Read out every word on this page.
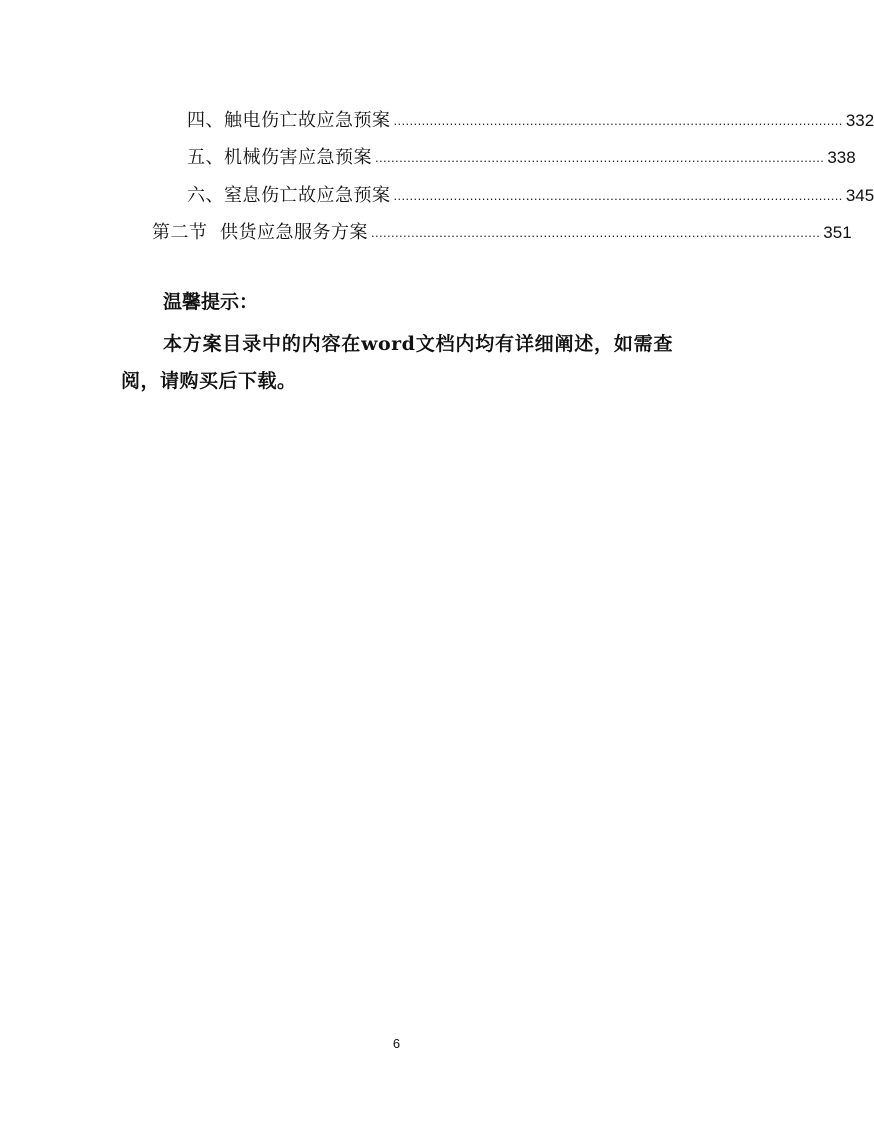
四、触电伤亡故应急预案 ................................................................................................................ 332
五、机械伤害应急预案 ................................................................................................................ 338
六、窒息伤亡故应急预案 ................................................................................................................ 345
第二节  供货应急服务方案 ................................................................................................................ 351
温馨提示：
本方案目录中的内容在word文档内均有详细阐述，如需查阅，请购买后下载。
6
